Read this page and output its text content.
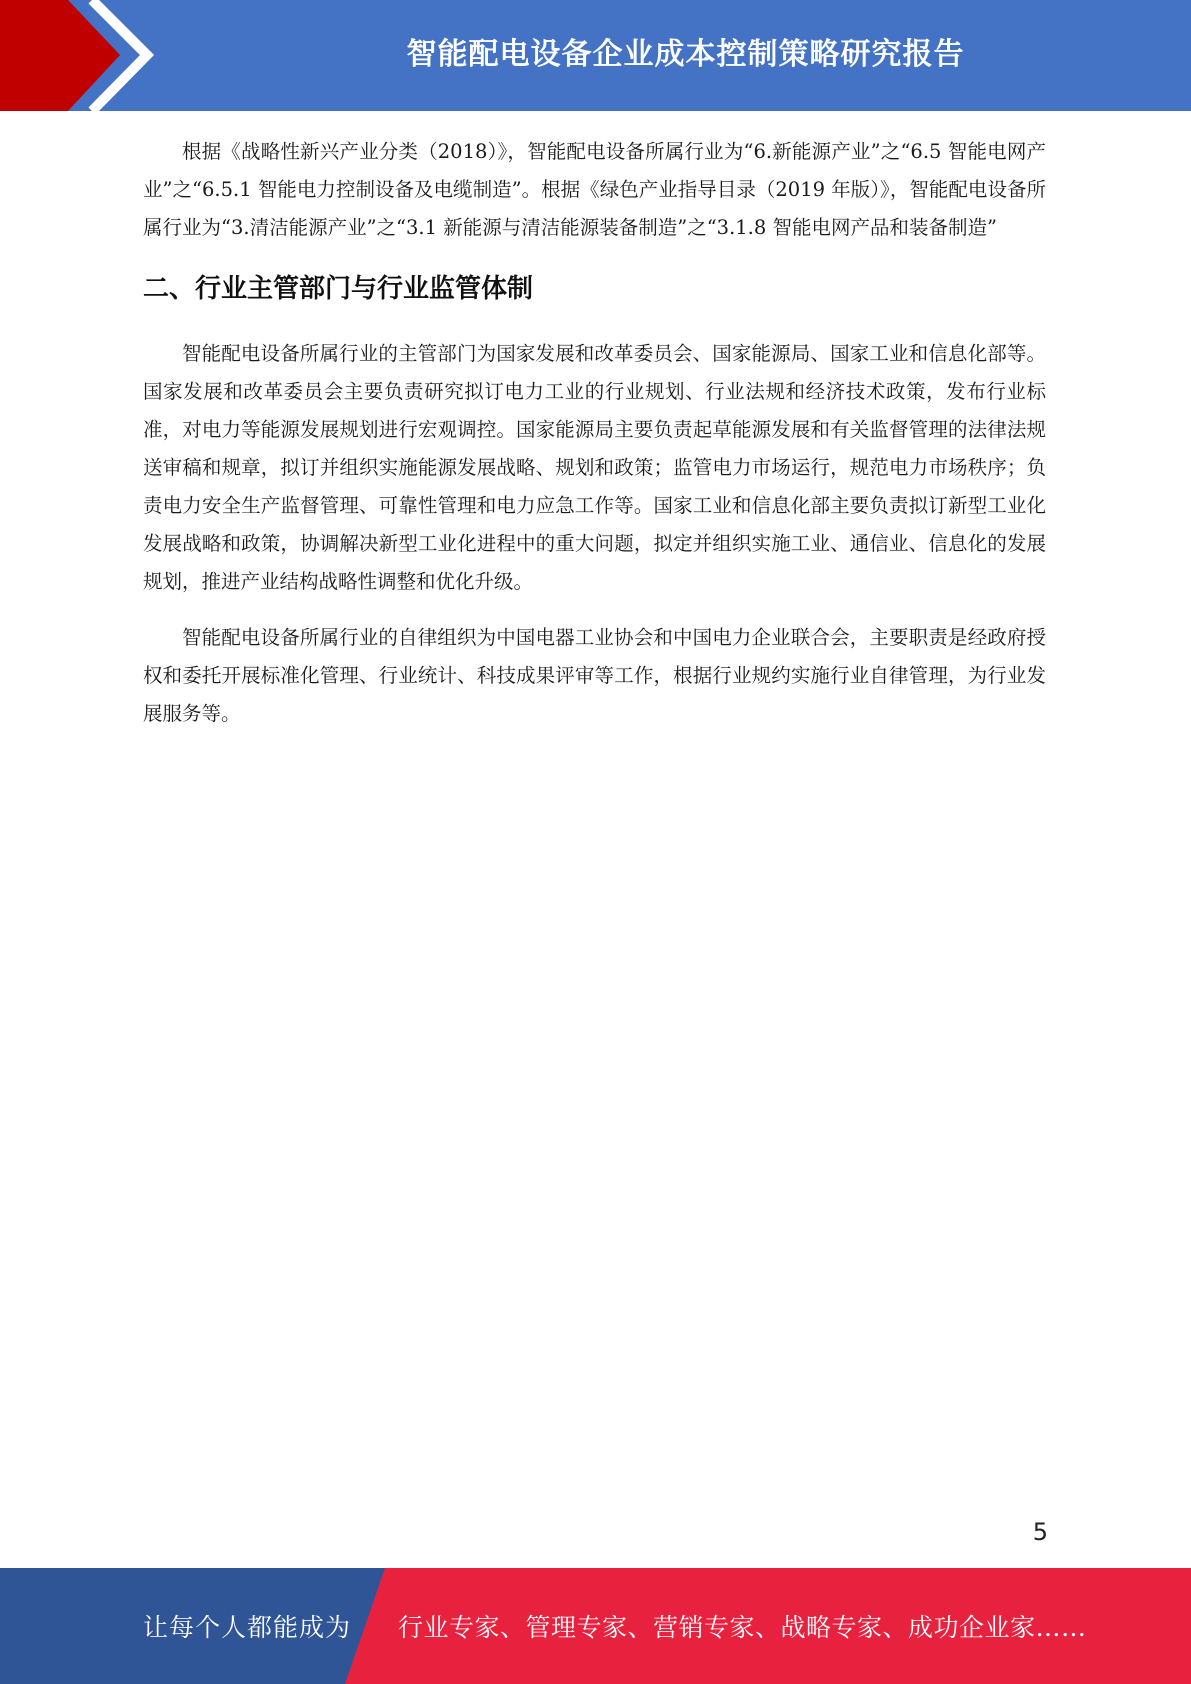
智能配电设备企业成本控制策略研究报告

根据《战略性新兴产业分类（2018）》，智能配电设备所属行业为“6.新能源产业”之“6.5 智能电网产业”之“6.5.1 智能电力控制设备及电缆制造”。根据《绿色产业指导目录（2019 年版）》，智能配电设备所属行业为“3.清洁能源产业”之“3.1 新能源与清洁能源装备制造”之“3.1.8 智能电网产品和装备制造”

二、行业主管部门与行业监管体制

智能配电设备所属行业的主管部门为国家发展和改革委员会、国家能源局、国家工业和信息化部等。国家发展和改革委员会主要负责研究拟订电力工业的行业规划、行业法规和经济技术政策，发布行业标准，对电力等能源发展规划进行宏观调控。国家能源局主要负责起草能源发展和有关监督管理的法律法规送审稿和规章，拟订并组织实施能源发展战略、规划和政策；监管电力市场运行，规范电力市场秩序；负责电力安全生产监督管理、可靠性管理和电力应急工作等。国家工业和信息化部主要负责拟订新型工业化发展战略和政策，协调解决新型工业化进程中的重大问题，拟定并组织实施工业、通信业、信息化的发展规划，推进产业结构战略性调整和优化升级。

智能配电设备所属行业的自律组织为中国电器工业协会和中国电力企业联合会，主要职责是经政府授权和委托开展标准化管理、行业统计、科技成果评审等工作，根据行业规约实施行业自律管理，为行业发展服务等。

5
让每个人都能成为 行业专家、管理专家、营销专家、战略专家、成功企业家……
